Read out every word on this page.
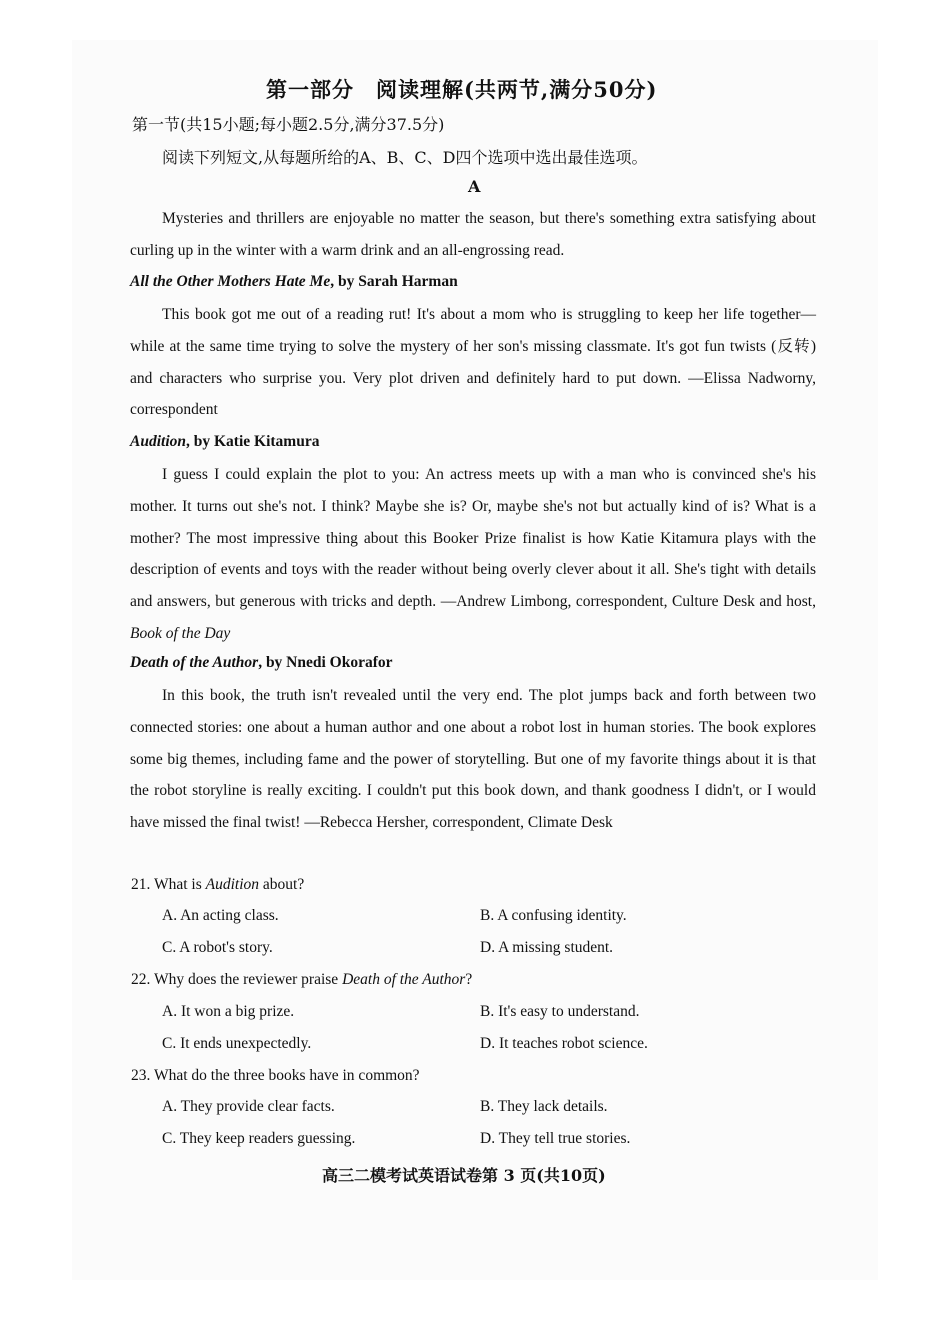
第一部分　阅读理解(共两节,满分50分)
第一节(共15小题;每小题2.5分,满分37.5分)
阅读下列短文,从每题所给的A、B、C、D四个选项中选出最佳选项。
A
Mysteries and thrillers are enjoyable no matter the season, but there's something extra satisfying about curling up in the winter with a warm drink and an all-engrossing read.
All the Other Mothers Hate Me, by Sarah Harman
This book got me out of a reading rut! It's about a mom who is struggling to keep her life together—while at the same time trying to solve the mystery of her son's missing classmate. It's got fun twists (反转) and characters who surprise you. Very plot driven and definitely hard to put down. —Elissa Nadworny, correspondent
Audition, by Katie Kitamura
I guess I could explain the plot to you: An actress meets up with a man who is convinced she's his mother. It turns out she's not. I think? Maybe she is? Or, maybe she's not but actually kind of is? What is a mother? The most impressive thing about this Booker Prize finalist is how Katie Kitamura plays with the description of events and toys with the reader without being overly clever about it all. She's tight with details and answers, but generous with tricks and depth. —Andrew Limbong, correspondent, Culture Desk and host, Book of the Day
Death of the Author, by Nnedi Okorafor
In this book, the truth isn't revealed until the very end. The plot jumps back and forth between two connected stories: one about a human author and one about a robot lost in human stories. The book explores some big themes, including fame and the power of storytelling. But one of my favorite things about it is that the robot storyline is really exciting. I couldn't put this book down, and thank goodness I didn't, or I would have missed the final twist! —Rebecca Hersher, correspondent, Climate Desk
21. What is Audition about?
A. An acting class.	B. A confusing identity.
C. A robot's story.	D. A missing student.
22. Why does the reviewer praise Death of the Author?
A. It won a big prize.	B. It's easy to understand.
C. It ends unexpectedly.	D. It teaches robot science.
23. What do the three books have in common?
A. They provide clear facts.	B. They lack details.
C. They keep readers guessing.	D. They tell true stories.
高三二模考试英语试卷第 3 页(共10页)
